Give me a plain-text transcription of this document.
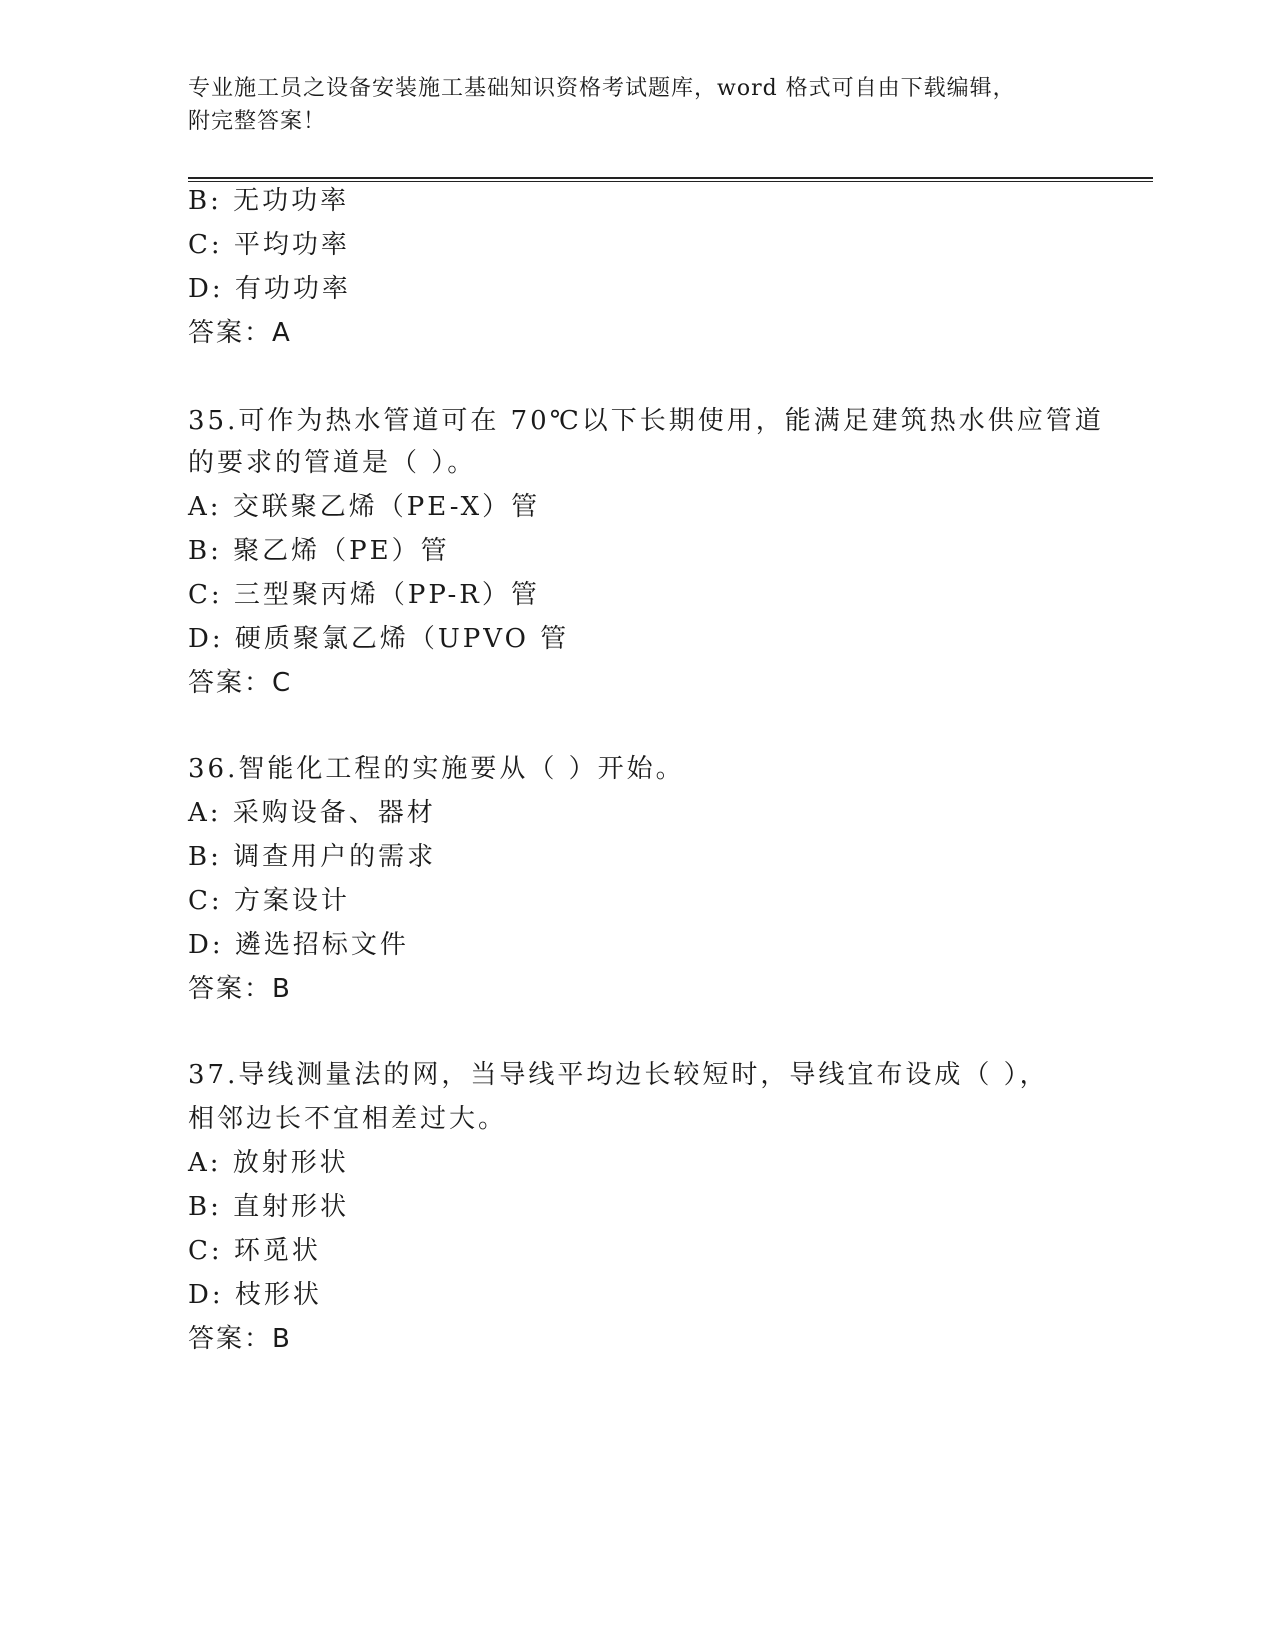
专业施工员之设备安装施工基础知识资格考试题库，word 格式可自由下载编辑，
附完整答案！
B: 无功功率
C: 平均功率
D: 有功功率
答案：A
35.可作为热水管道可在 70℃以下长期使用，能满足建筑热水供应管道
的要求的管道是（ ）。
A: 交联聚乙烯（PE-X）管
B: 聚乙烯（PE）管
C: 三型聚丙烯（PP-R）管
D: 硬质聚氯乙烯（UPVO 管
答案：C
36.智能化工程的实施要从（ ）开始。
A: 采购设备、器材
B: 调查用户的需求
C: 方案设计
D: 遴选招标文件
答案：B
37.导线测量法的网，当导线平均边长较短时，导线宜布设成（ ），
相邻边长不宜相差过大。
A: 放射形状
B: 直射形状
C: 环觅状
D: 枝形状
答案：B
